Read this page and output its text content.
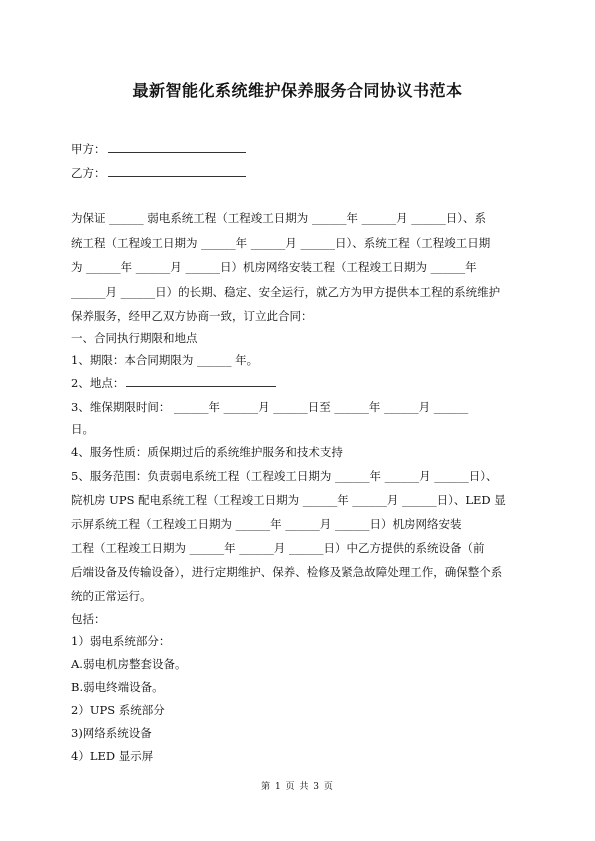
最新智能化系统维护保养服务合同协议书范本
甲方：
乙方：
为保证 ______ 弱电系统工程（工程竣工日期为 ______年 ______月 ______日）、系
统工程（工程竣工日期为 ______年 ______月 ______日）、系统工程（工程竣工日期
为 ______年 ______月 ______日）机房网络安装工程（工程竣工日期为 ______年
______月 ______日）的长期、稳定、安全运行，就乙方为甲方提供本工程的系统维护
保养服务，经甲乙双方协商一致，订立此合同：
一、合同执行期限和地点
1、期限：本合同期限为 ______ 年。
2、地点：
3、维保期限时间： ______年 ______月 ______日至 ______年 ______月 ______
日。
4、服务性质：质保期过后的系统维护服务和技术支持
5、服务范围：负责弱电系统工程（工程竣工日期为 ______年 ______月 ______日）、
院机房 UPS 配电系统工程（工程竣工日期为 ______年 ______月 ______日）、LED 显
示屏系统工程（工程竣工日期为 ______年 ______月 ______日）机房网络安装
工程（工程竣工日期为 ______年 ______月 ______日）中乙方提供的系统设备（前
后端设备及传输设备），进行定期维护、保养、检修及紧急故障处理工作，确保整个系
统的正常运行。
包括：
1）弱电系统部分：
A.弱电机房整套设备。
B.弱电终端设备。
2）UPS 系统部分
3)网络系统设备
4）LED 显示屏
第 1 页 共 3 页
